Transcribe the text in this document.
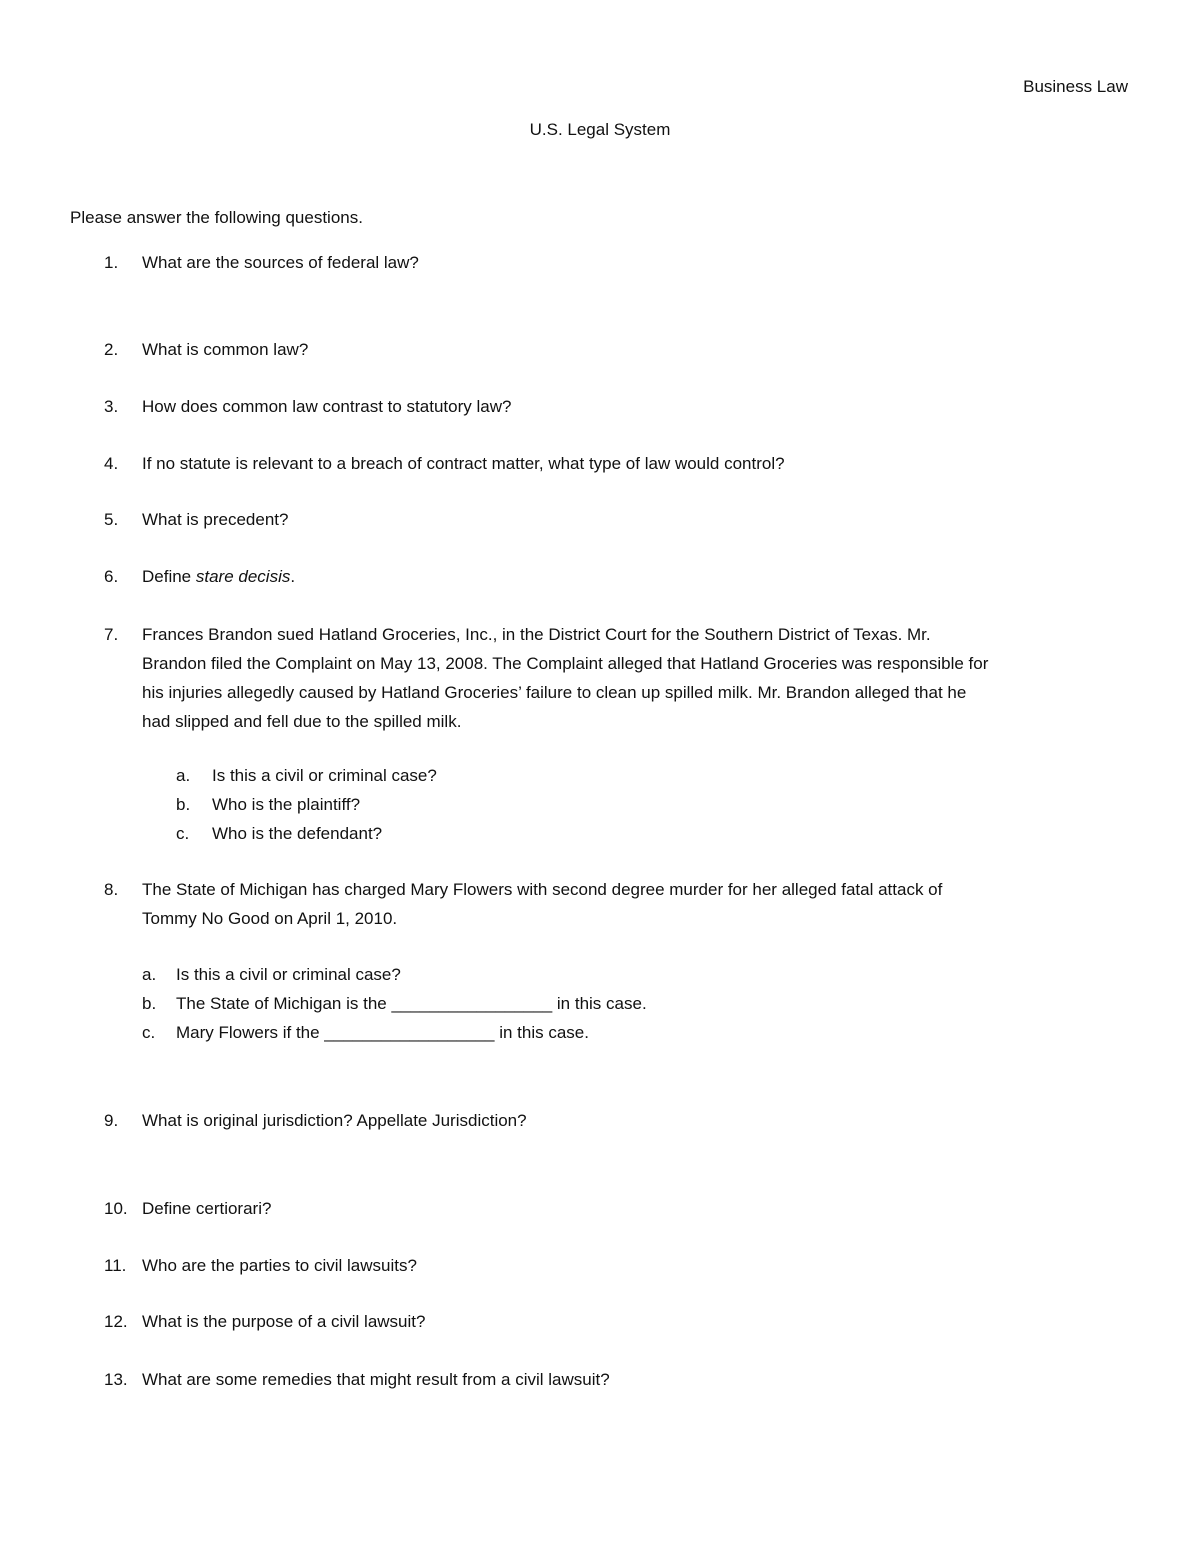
Business Law
U.S. Legal System
Please answer the following questions.
1. What are the sources of federal law?
2. What is common law?
3. How does common law contrast to statutory law?
4. If no statute is relevant to a breach of contract matter, what type of law would control?
5. What is precedent?
6. Define stare decisis.
7. Frances Brandon sued Hatland Groceries, Inc., in the District Court for the Southern District of Texas. Mr.
Brandon filed the Complaint on May 13, 2008. The Complaint alleged that Hatland Groceries was responsible for
his injuries allegedly caused by Hatland Groceries’ failure to clean up spilled milk. Mr. Brandon alleged that he
had slipped and fell due to the spilled milk.
a. Is this a civil or criminal case?
b. Who is the plaintiff?
c. Who is the defendant?
8. The State of Michigan has charged Mary Flowers with second degree murder for her alleged fatal attack of
Tommy No Good on April 1, 2010.
a. Is this a civil or criminal case?
b. The State of Michigan is the _________________ in this case.
c. Mary Flowers if the __________________ in this case.
9. What is original jurisdiction? Appellate Jurisdiction?
10. Define certiorari?
11. Who are the parties to civil lawsuits?
12. What is the purpose of a civil lawsuit?
13. What are some remedies that might result from a civil lawsuit?
